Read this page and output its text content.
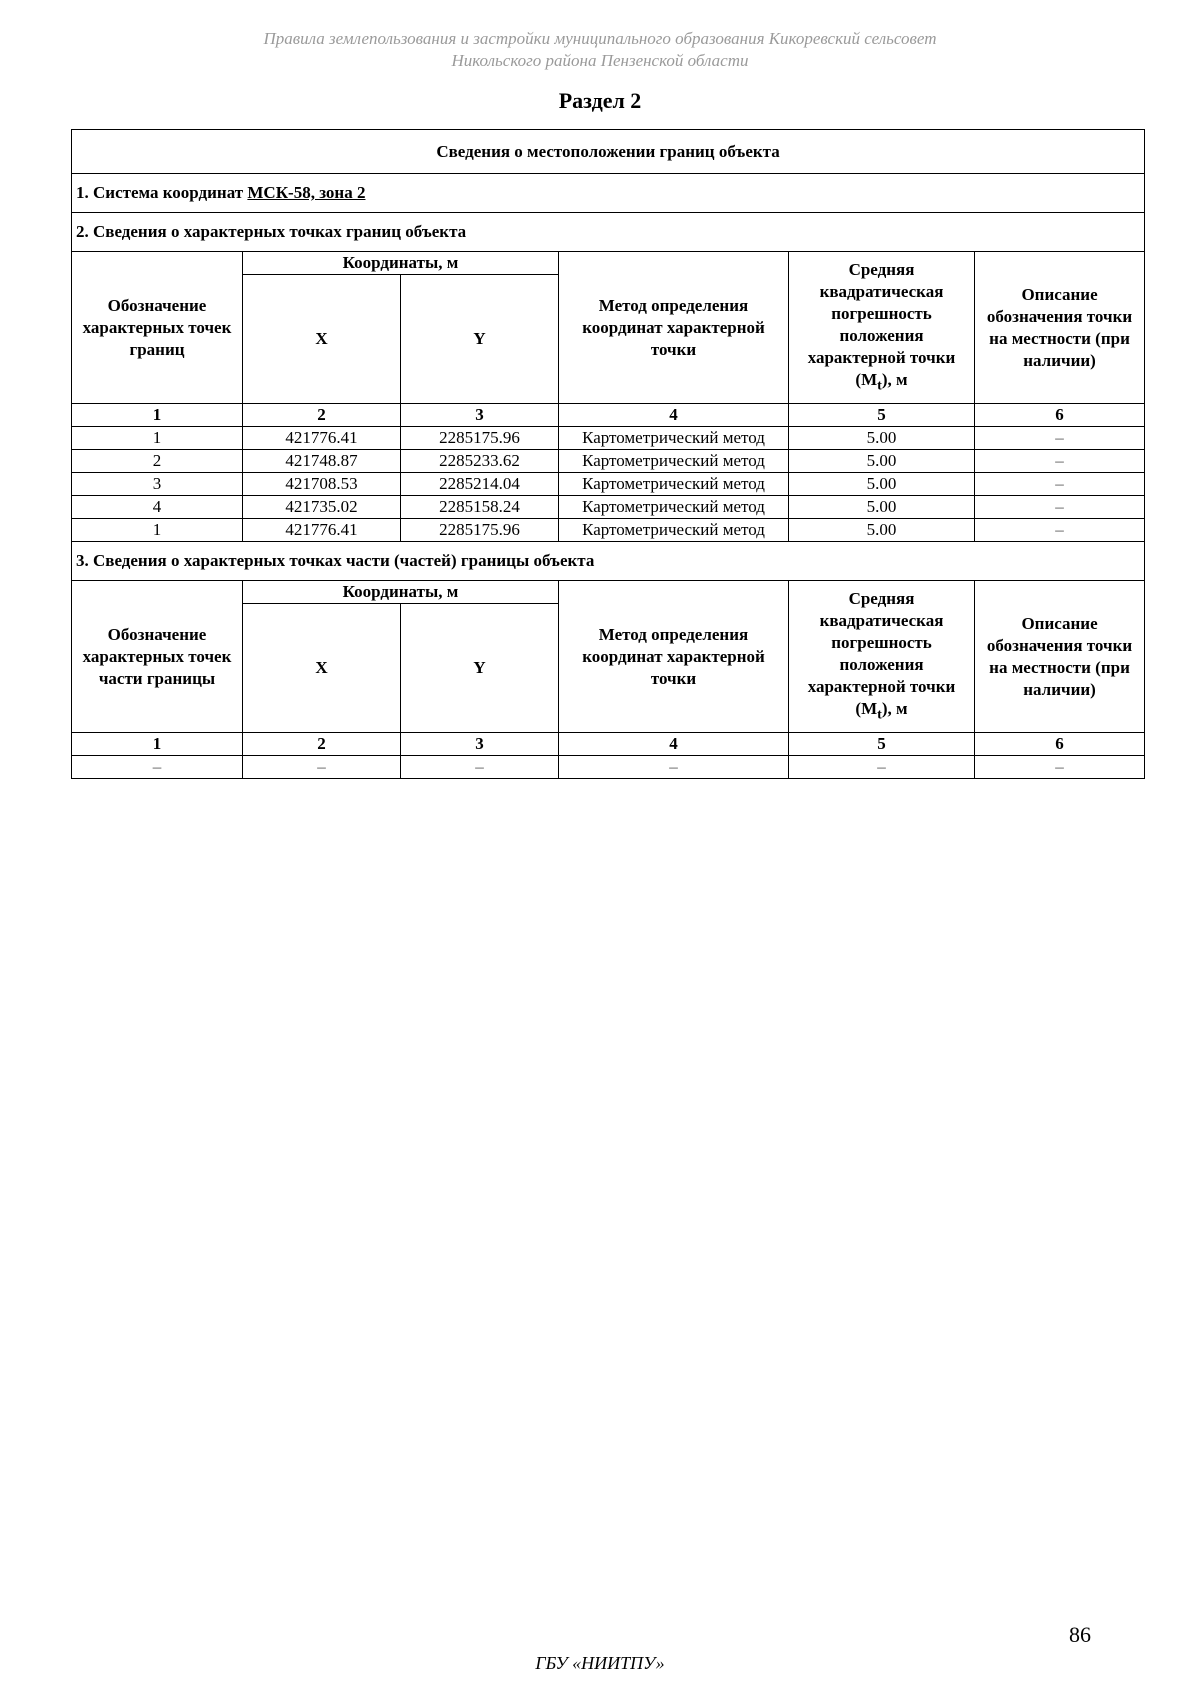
Правила землепользования и застройки муниципального образования Кикоревский сельсовет
Никольского района Пензенской области
Раздел 2
Сведения о местоположении границ объекта					
1. Система координат МСК-58, зона 2					
2. Сведения о характерных точках границ объекта					
Обозначение характерных точек границ	Координаты, м		Метод определения координат характерной точки	Средняя квадратическая погрешность положения характерной точки $(M_t)$, м	Описание обозначения точки на местности (при наличии)
	X	Y			
1	2	3	4	5	6
1	421776.41	2285175.96	Картометрический метод	5.00	–
2	421748.87	2285233.62	Картометрический метод	5.00	–
3	421708.53	2285214.04	Картометрический метод	5.00	–
4	421735.02	2285158.24	Картометрический метод	5.00	–
1	421776.41	2285175.96	Картометрический метод	5.00	–
3. Сведения о характерных точках части (частей) границы объекта					
Обозначение характерных точек части границы	Координаты, м		Метод определения координат характерной точки	Средняя квадратическая погрешность положения характерной точки $(M_t)$, м	Описание обозначения точки на местности (при наличии)
	X	Y			
1	2	3	4	5	6
–	–	–	–	–	–
86
ГБУ «НИИТПУ»
